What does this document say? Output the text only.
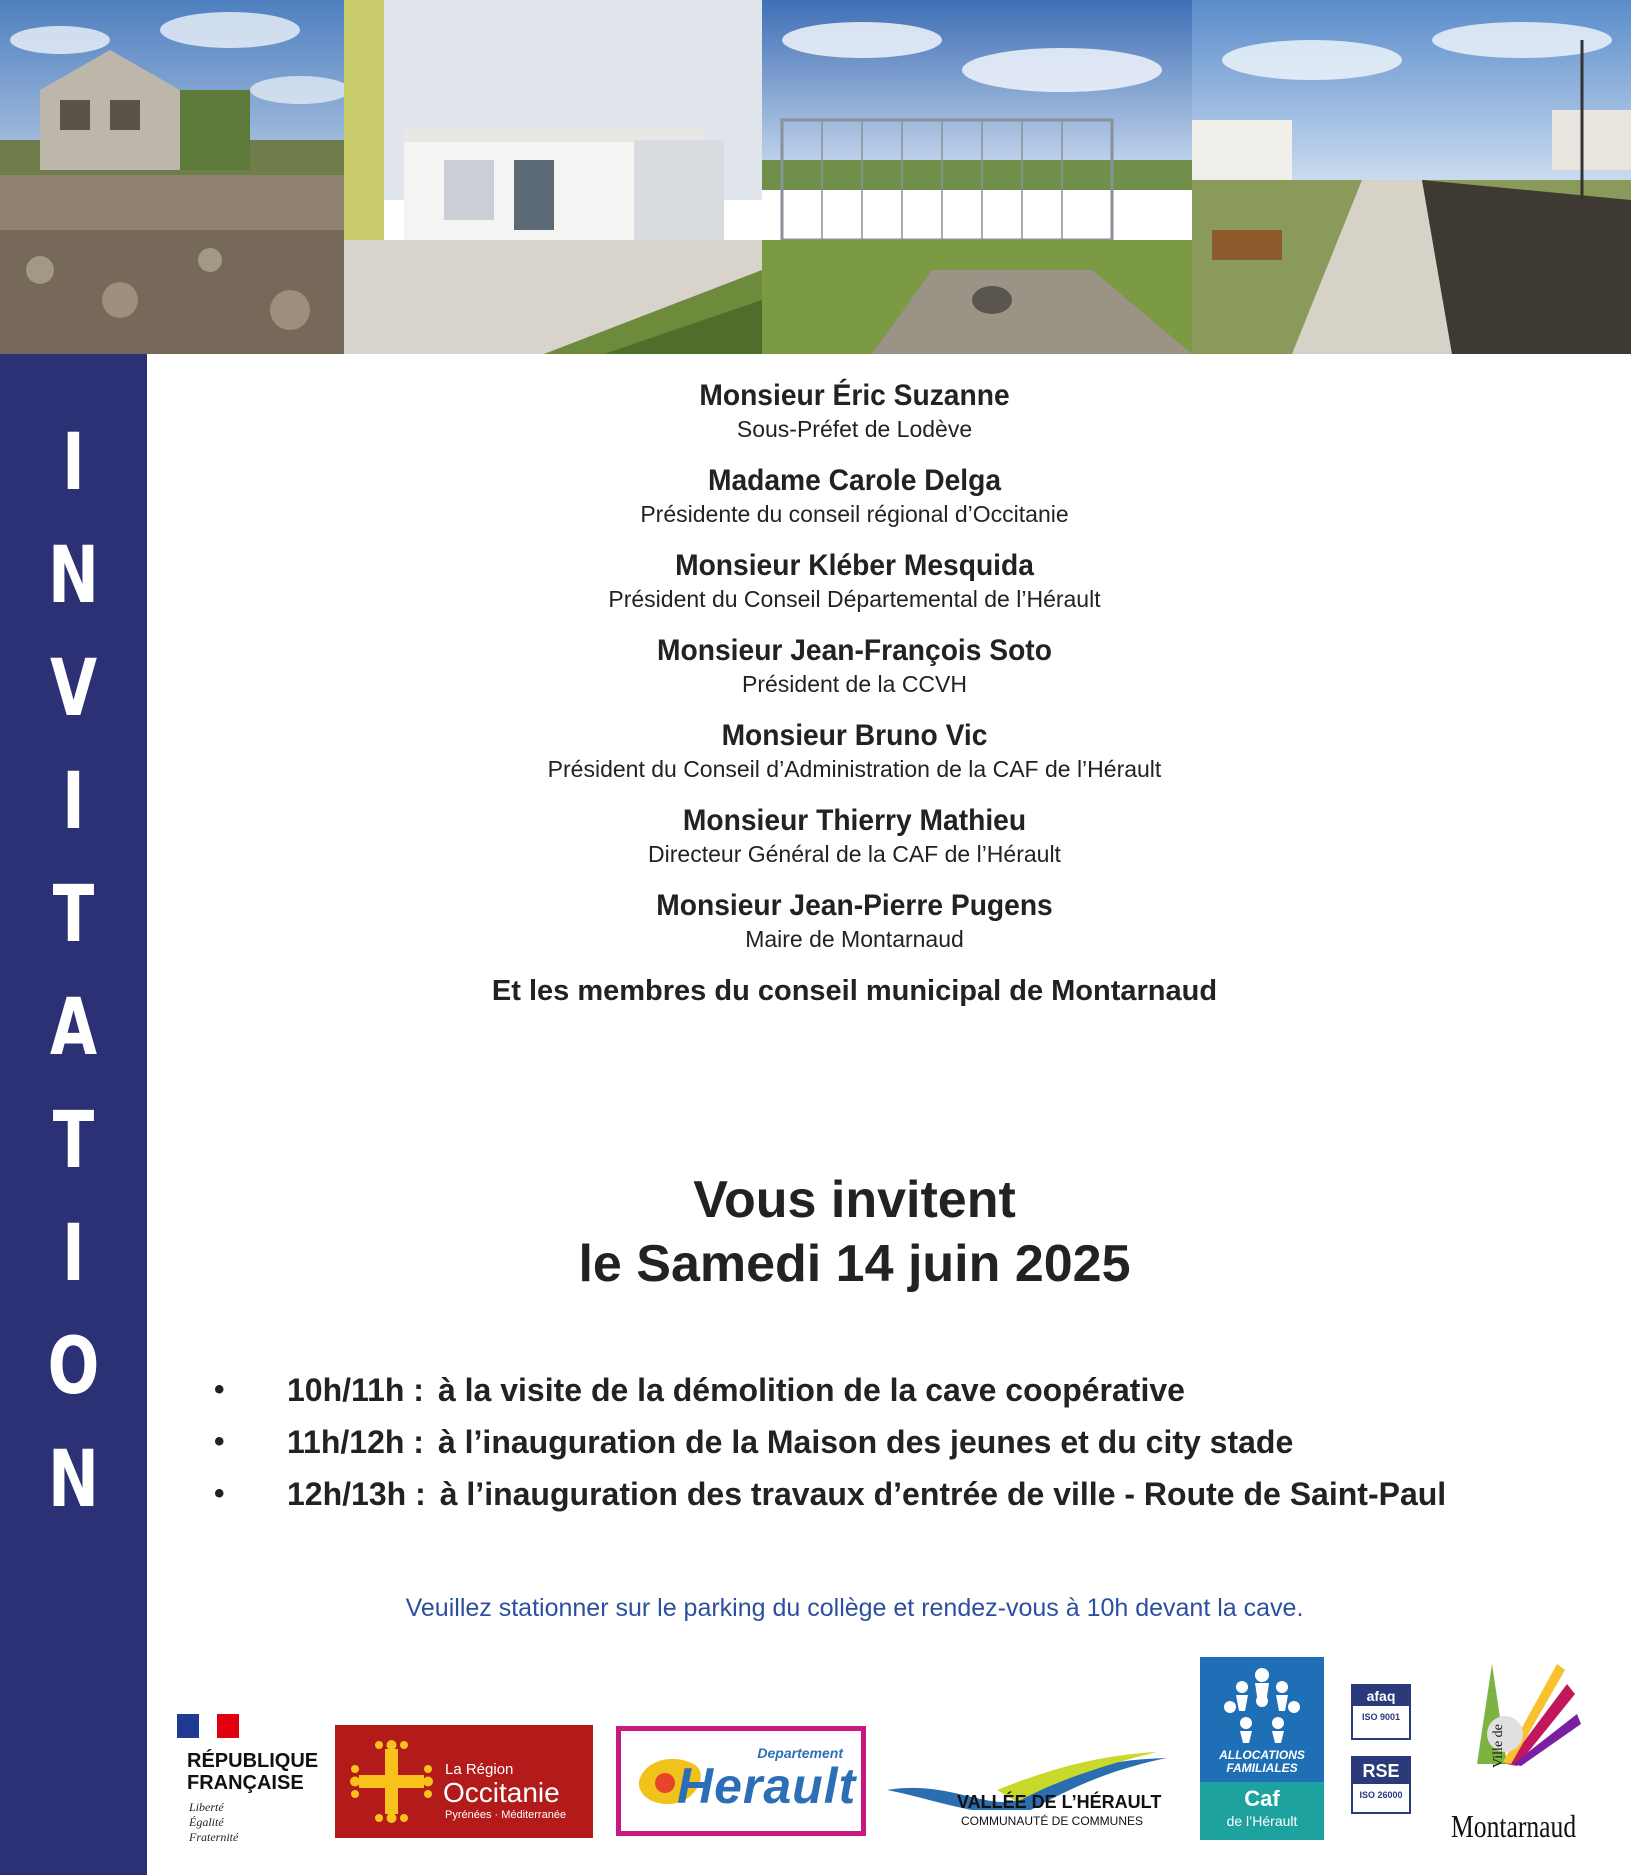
I
N
V
I
T
A
T
I
O
N
Monsieur Éric Suzanne
Sous-Préfet de Lodève
Madame Carole Delga
Présidente du conseil régional d’Occitanie
Monsieur Kléber Mesquida
Président du Conseil Départemental de l’Hérault
Monsieur Jean-François Soto
Président de la CCVH
Monsieur Bruno Vic
Président du Conseil d’Administration de la CAF de l’Hérault
Monsieur Thierry Mathieu
Directeur Général de la CAF de l’Hérault
Monsieur Jean-Pierre Pugens
Maire de Montarnaud
Et les membres du conseil municipal de Montarnaud
Vous invitent
le Samedi 14 juin 2025
•	10h/11h : à la visite de la démolition de la cave coopérative
•	11h/12h : à l’inauguration de la Maison des jeunes et du city stade
•	12h/13h : à l’inauguration des travaux d’entrée de ville - Route de Saint-Paul
Veuillez stationner sur le parking du collège et rendez-vous à 10h devant la cave.
RÉPUBLIQUE
FRANÇAISE
Liberté
Égalité
Fraternité
La Région
Occitanie
Pyrénées · Méditerranée
Departement
Herault	VALLÉE DE L’HÉRAULT
COMMUNAUTÉ DE COMMUNES
ALLOCATIONS
FAMILIALES
Caf
de l’Hérault
afaq
ISO 9001
RSE
ISO 26000
Ville de
Montarnaud
